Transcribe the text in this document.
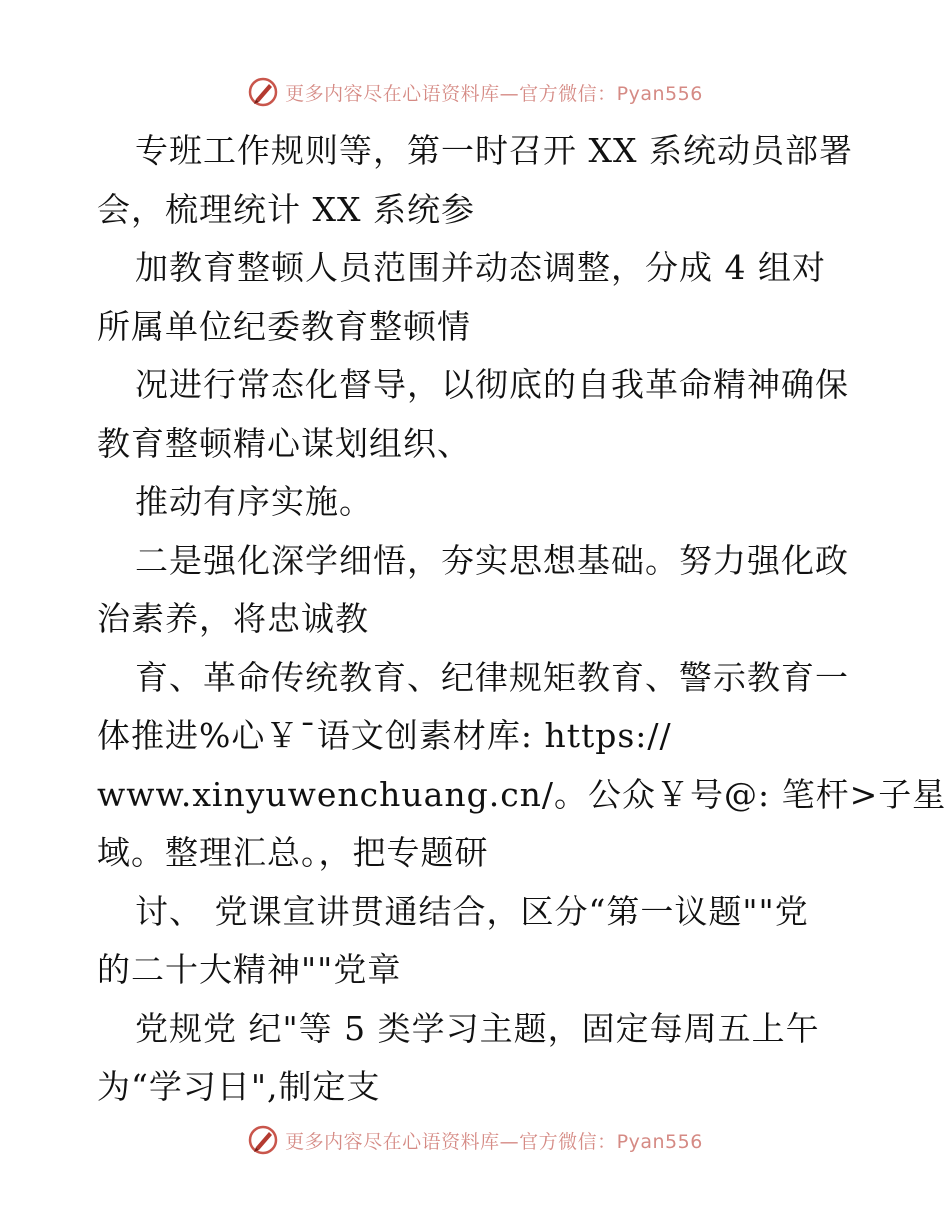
更多内容尽在心语资料库—官方微信：Pyan556
专班工作规则等，第一时召开 XX 系统动员部署
会，梳理统计 XX 系统参
加教育整顿人员范围并动态调整，分成 4 组对
所属单位纪委教育整顿情
况进行常态化督导，以彻底的自我革命精神确保
教育整顿精心谋划组织、
推动有序实施。
二是强化深学细悟，夯实思想基础。努力强化政
治素养，将忠诚教
育、革命传统教育、纪律规矩教育、警示教育一
体推进%心￥¯语文创素材库: https://
www.xinyuwenchuang.cn/。公众￥号@: 笔杆>子星
域。整理汇总。，把专题研
讨、 党课宣讲贯通结合，区分“第一议题""党
的二十大精神""党章
党规党 纪"等 5 类学习主题，固定每周五上午
为“学习日",制定支
更多内容尽在心语资料库—官方微信：Pyan556
